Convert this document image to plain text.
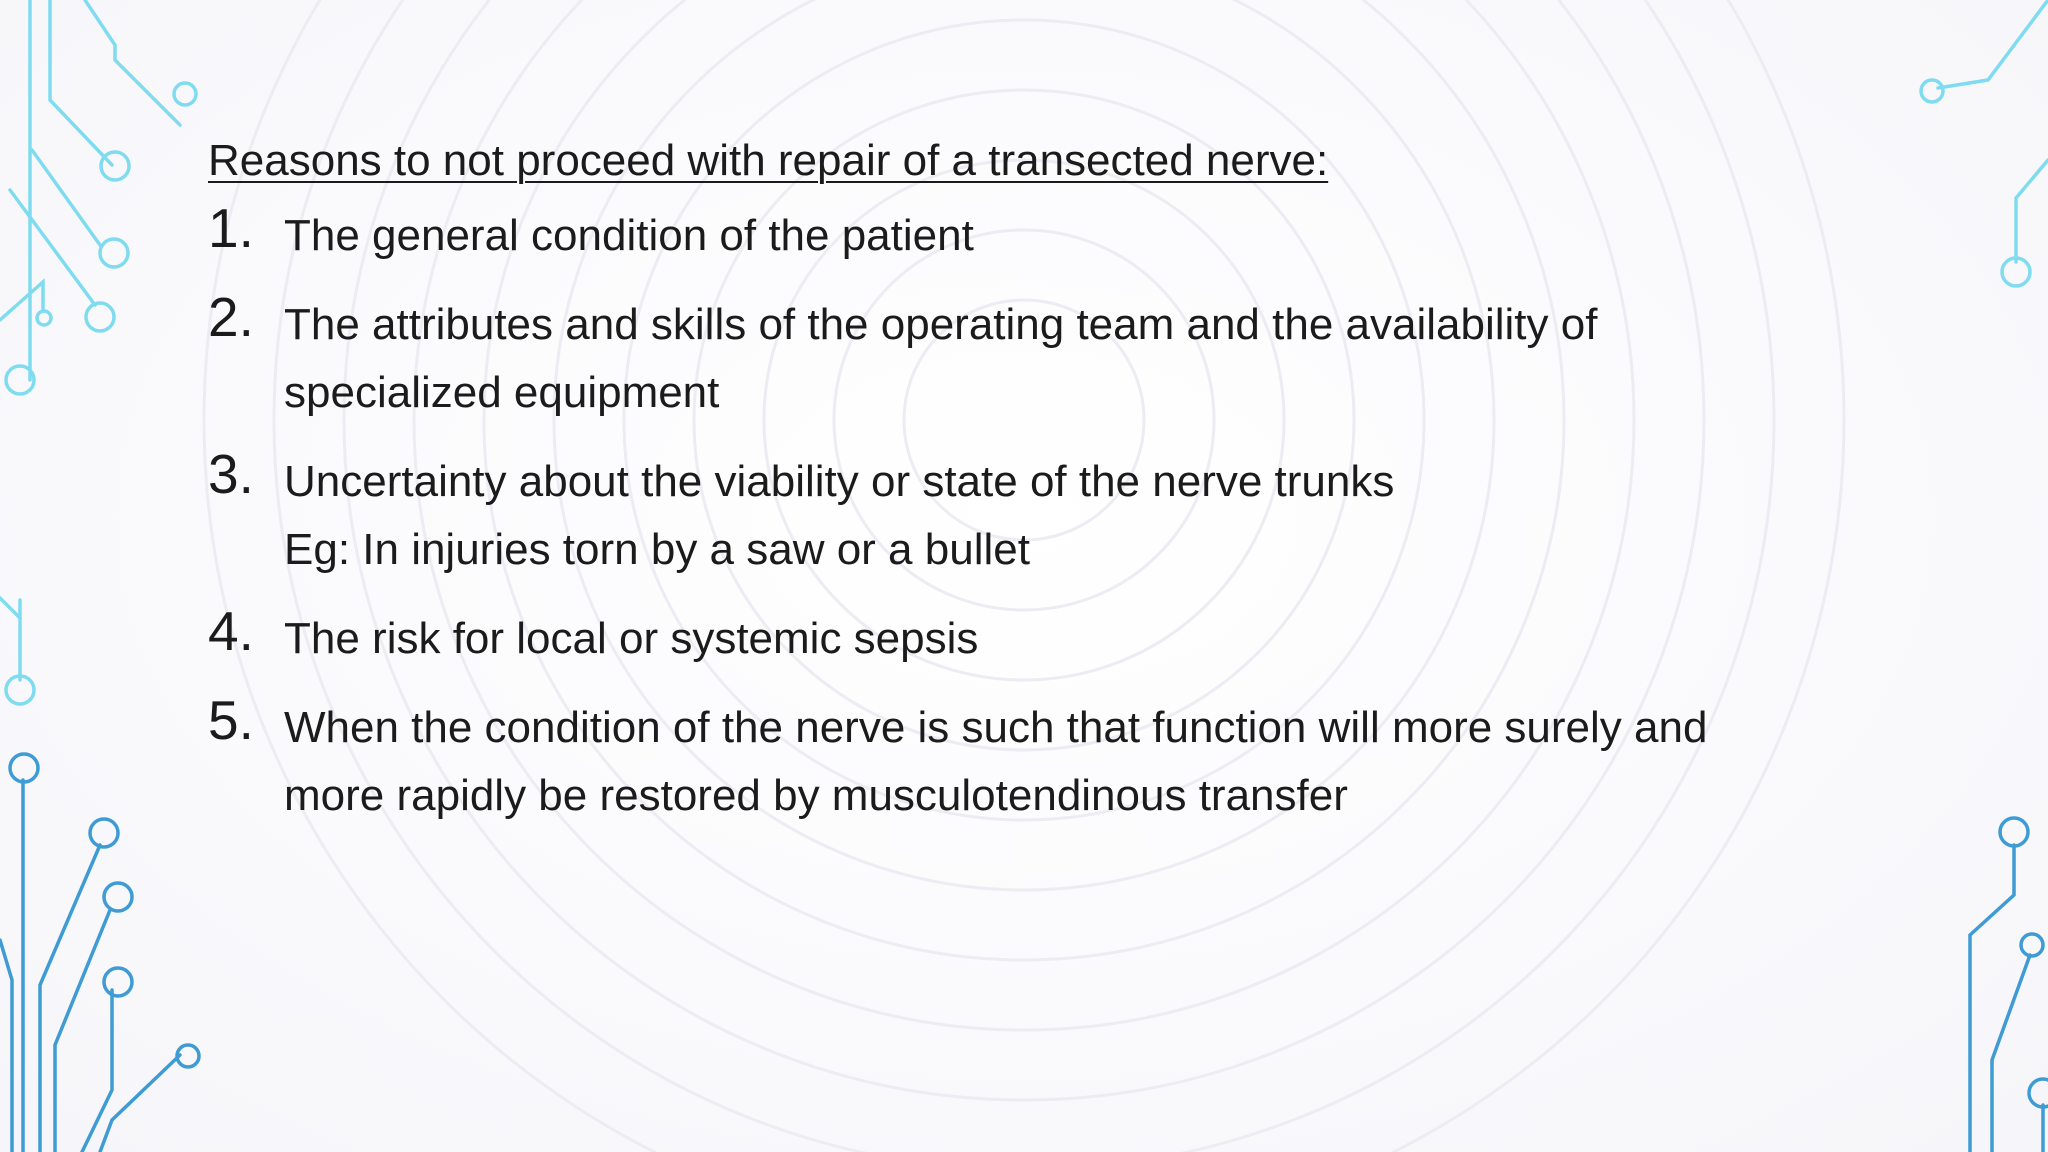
Reasons to not proceed with repair of a transected nerve:
1. The general condition of the patient
2. The attributes and skills of the operating team and the availability of
specialized equipment
3. Uncertainty about the viability or state of the nerve trunks
Eg: In injuries torn by a saw or a bullet
4. The risk for local or systemic sepsis
5. When the condition of the nerve is such that function will more surely and
more rapidly be restored by musculotendinous transfer
